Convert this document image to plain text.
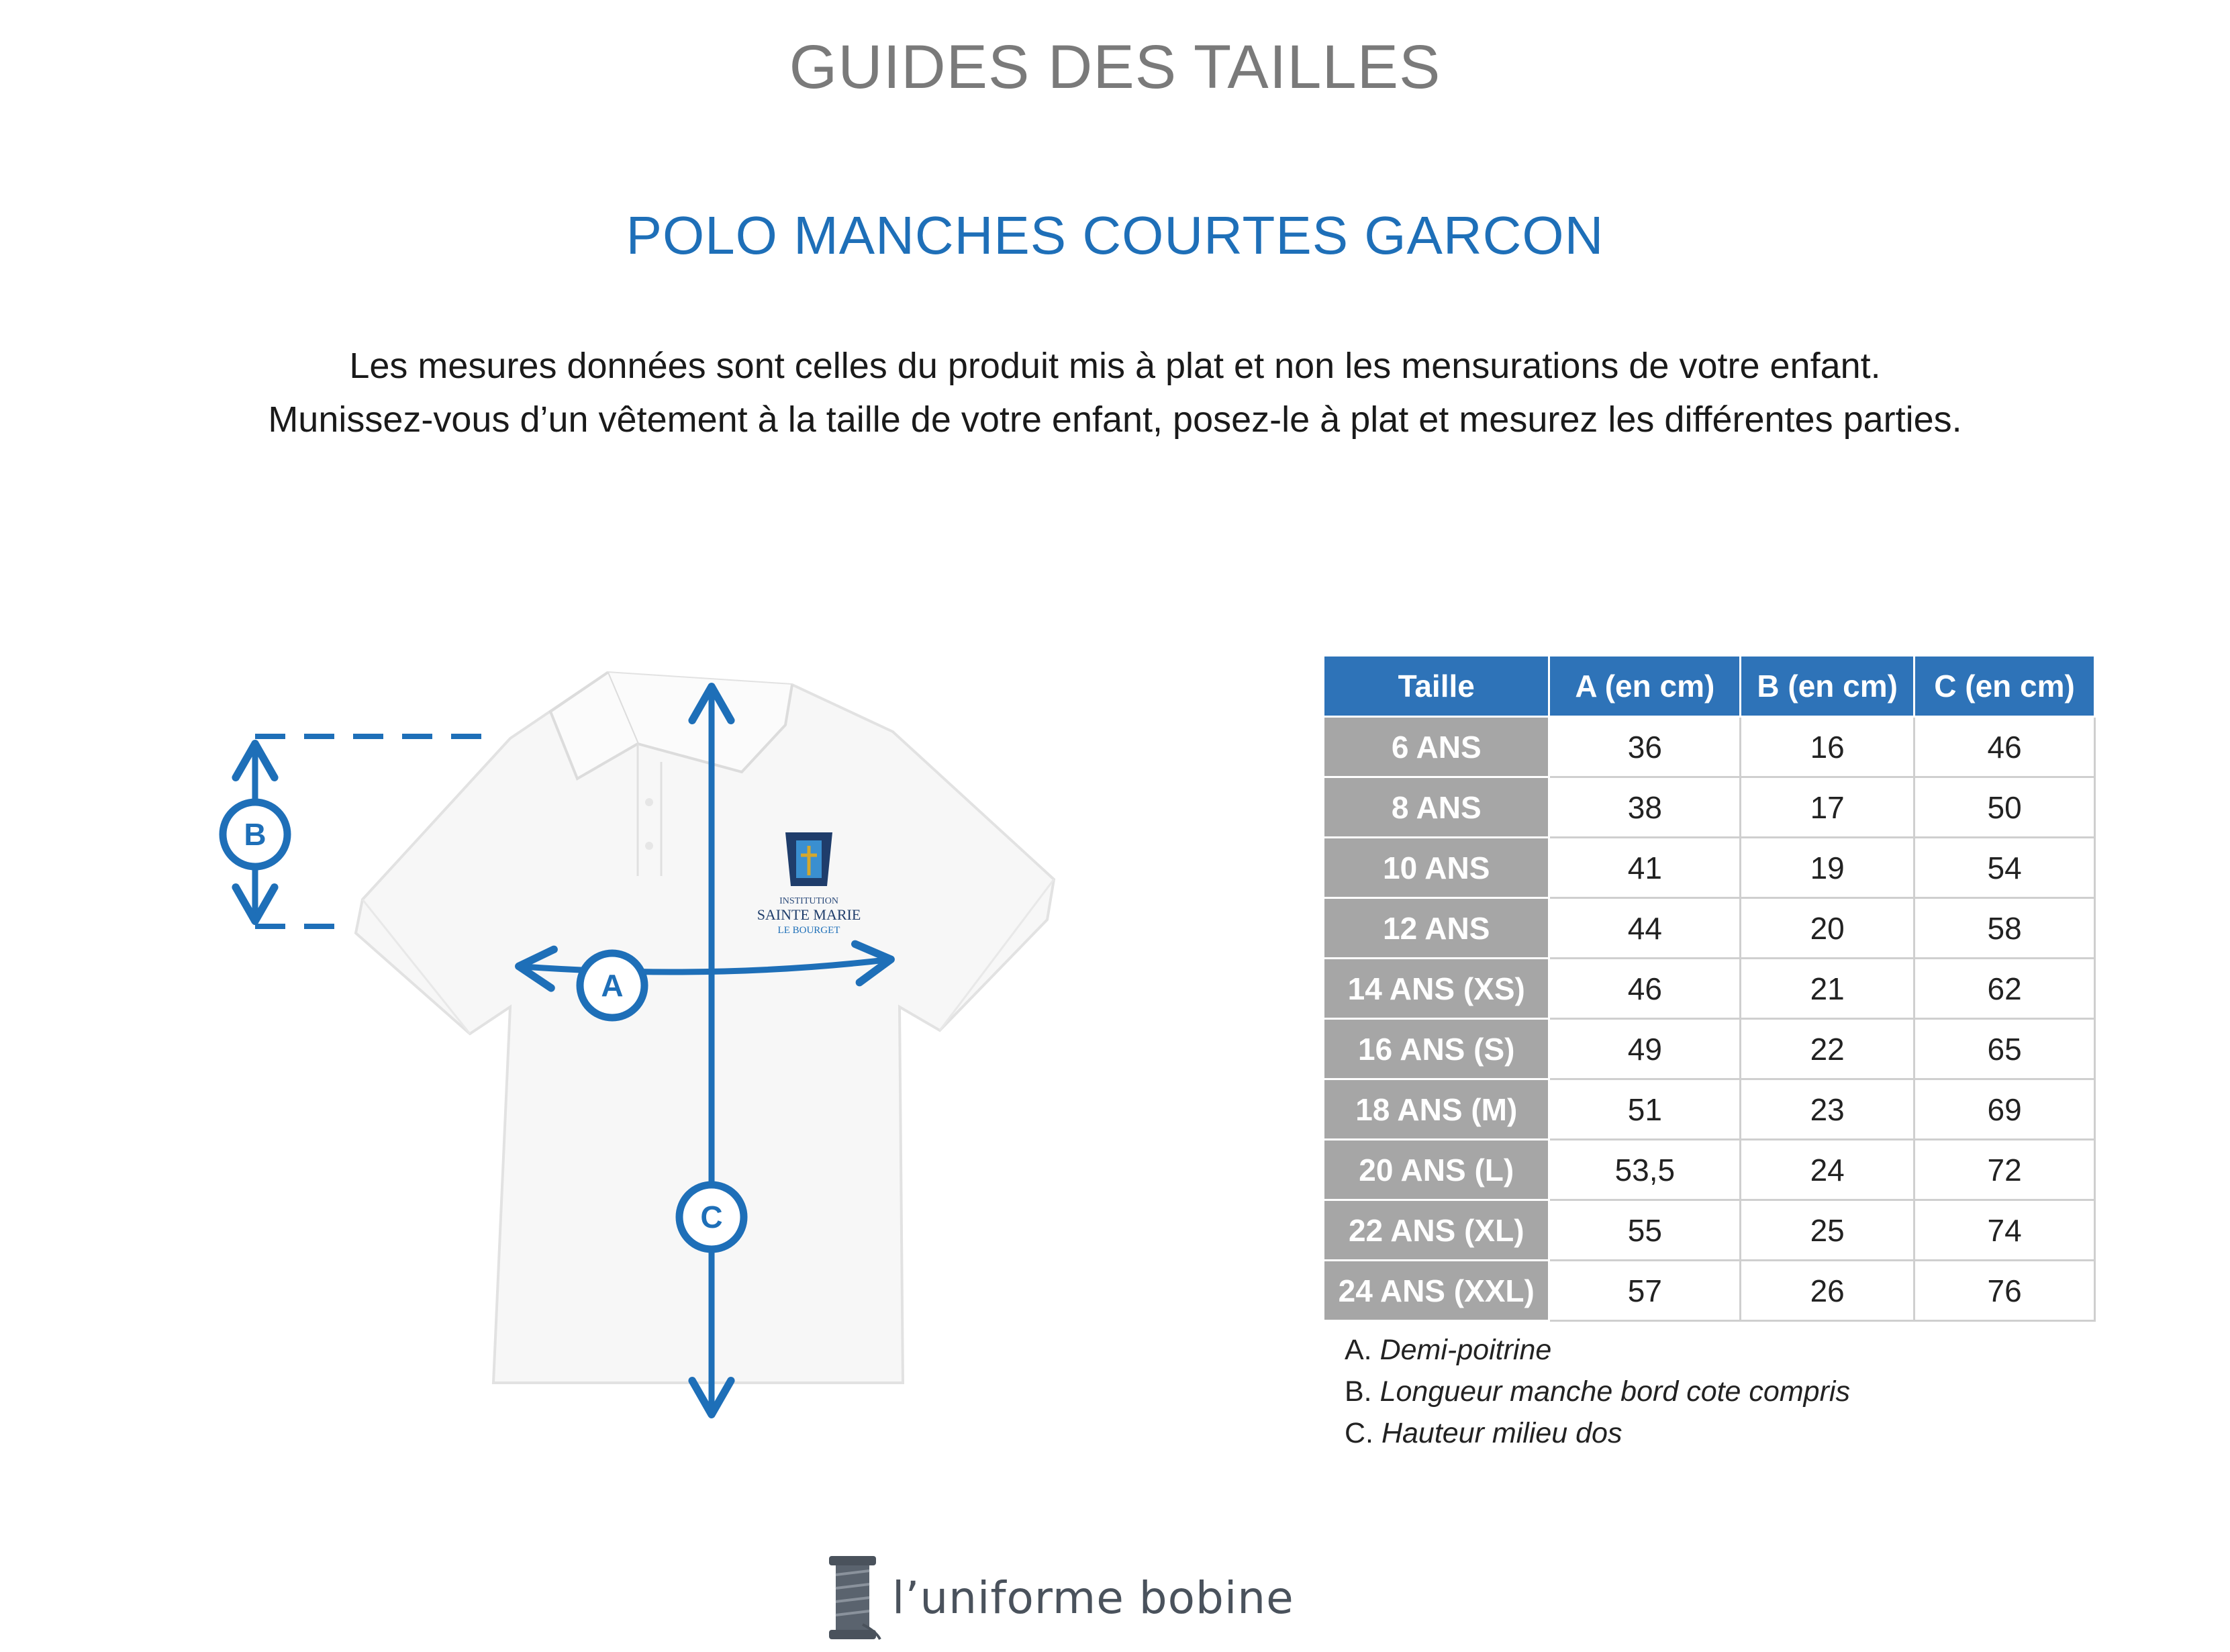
GUIDES DES TAILLES
POLO MANCHES COURTES GARCON
Les mesures données sont celles du produit mis à plat et non les mensurations de votre enfant.
Munissez-vous d’un vêtement à la taille de votre enfant, posez-le à plat et mesurez les différentes parties.
INSTITUTION
SAINTE MARIE
LE BOURGET
B
A
C
Taille	A (en cm)	B (en cm)	C (en cm)
6 ANS	36	16	46
8 ANS	38	17	50
10 ANS	41	19	54
12 ANS	44	20	58
14 ANS (XS)	46	21	62
16 ANS (S)	49	22	65
18 ANS (M)	51	23	69
20 ANS (L)	53,5	24	72
22 ANS (XL)	55	25	74
24 ANS (XXL)	57	26	76
A. Demi-poitrine
B. Longueur manche bord cote compris
C. Hauteur milieu dos
l’uniforme bobine
